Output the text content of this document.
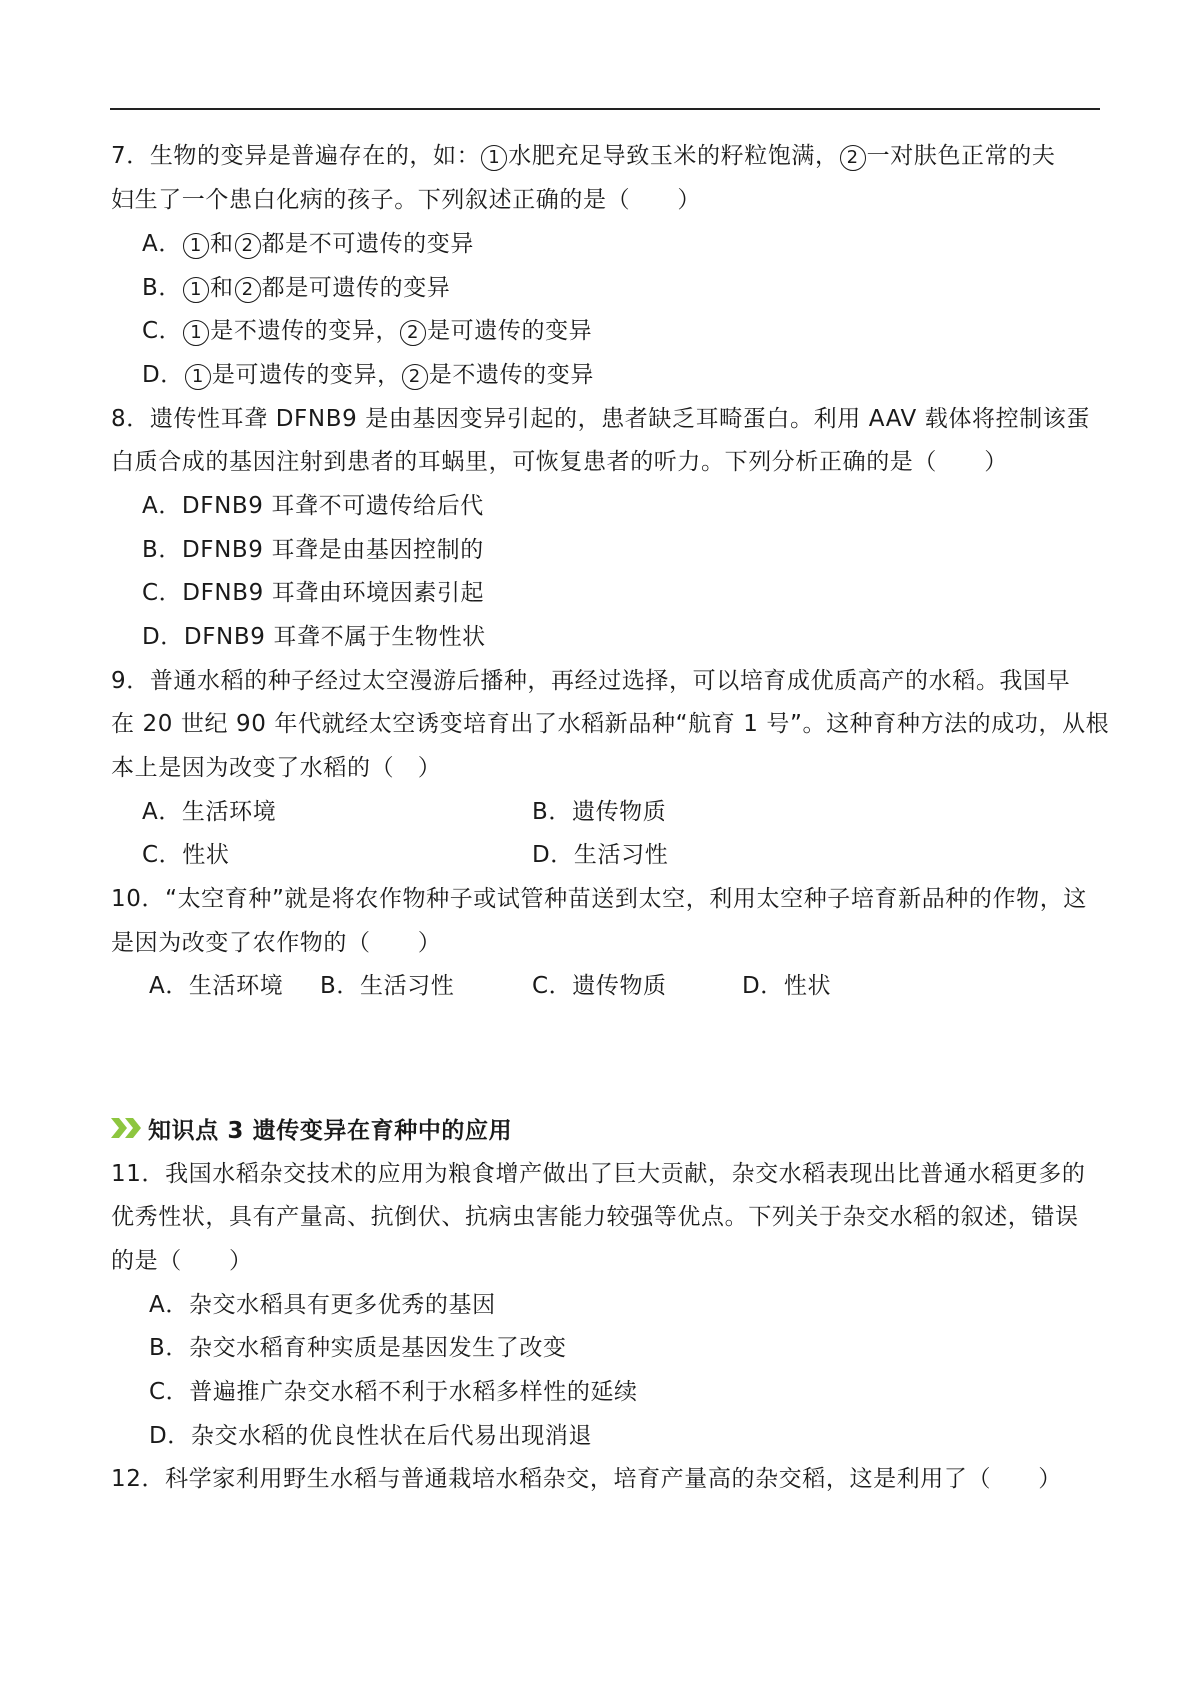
7．生物的变异是普遍存在的，如： 1 水肥充足导致玉米的籽粒饱满， 2 一对肤色正常的夫
妇生了一个患白化病的孩子。下列叙述正确的是（　　）
A． 1 和 2 都是不可遗传的变异
B． 1 和 2 都是可遗传的变异
C． 1 是不遗传的变异， 2 是可遗传的变异
D． 1 是可遗传的变异， 2 是不遗传的变异
8．遗传性耳聋 DFNB9 是由基因变异引起的，患者缺乏耳畸蛋白。利用 AAV 载体将控制该蛋
白质合成的基因注射到患者的耳蜗里，可恢复患者的听力。下列分析正确的是（　　）
A．DFNB9 耳聋不可遗传给后代
B．DFNB9 耳聋是由基因控制的
C．DFNB9 耳聋由环境因素引起
D．DFNB9 耳聋不属于生物性状
9．普通水稻的种子经过太空漫游后播种，再经过选择，可以培育成优质高产的水稻。我国早
在 20 世纪 90 年代就经太空诱变培育出了水稻新品种“航育 1 号”。这种育种方法的成功，从根
本上是因为改变了水稻的（　）
A．生活环境	B．遗传物质
C．性状	D．生活习性
10．“太空育种”就是将农作物种子或试管种苗送到太空，利用太空种子培育新品种的作物，这
是因为改变了农作物的（　　）
A．生活环境 B．生活习性	C．遗传物质	D．性状
知识点 3 遗传变异在育种中的应用
11．我国水稻杂交技术的应用为粮食增产做出了巨大贡献，杂交水稻表现出比普通水稻更多的
优秀性状，具有产量高、抗倒伏、抗病虫害能力较强等优点。下列关于杂交水稻的叙述，错误
的是（　　）
A．杂交水稻具有更多优秀的基因
B．杂交水稻育种实质是基因发生了改变
C．普遍推广杂交水稻不利于水稻多样性的延续
D．杂交水稻的优良性状在后代易出现消退
12．科学家利用野生水稻与普通栽培水稻杂交，培育产量高的杂交稻，这是利用了（　　）
